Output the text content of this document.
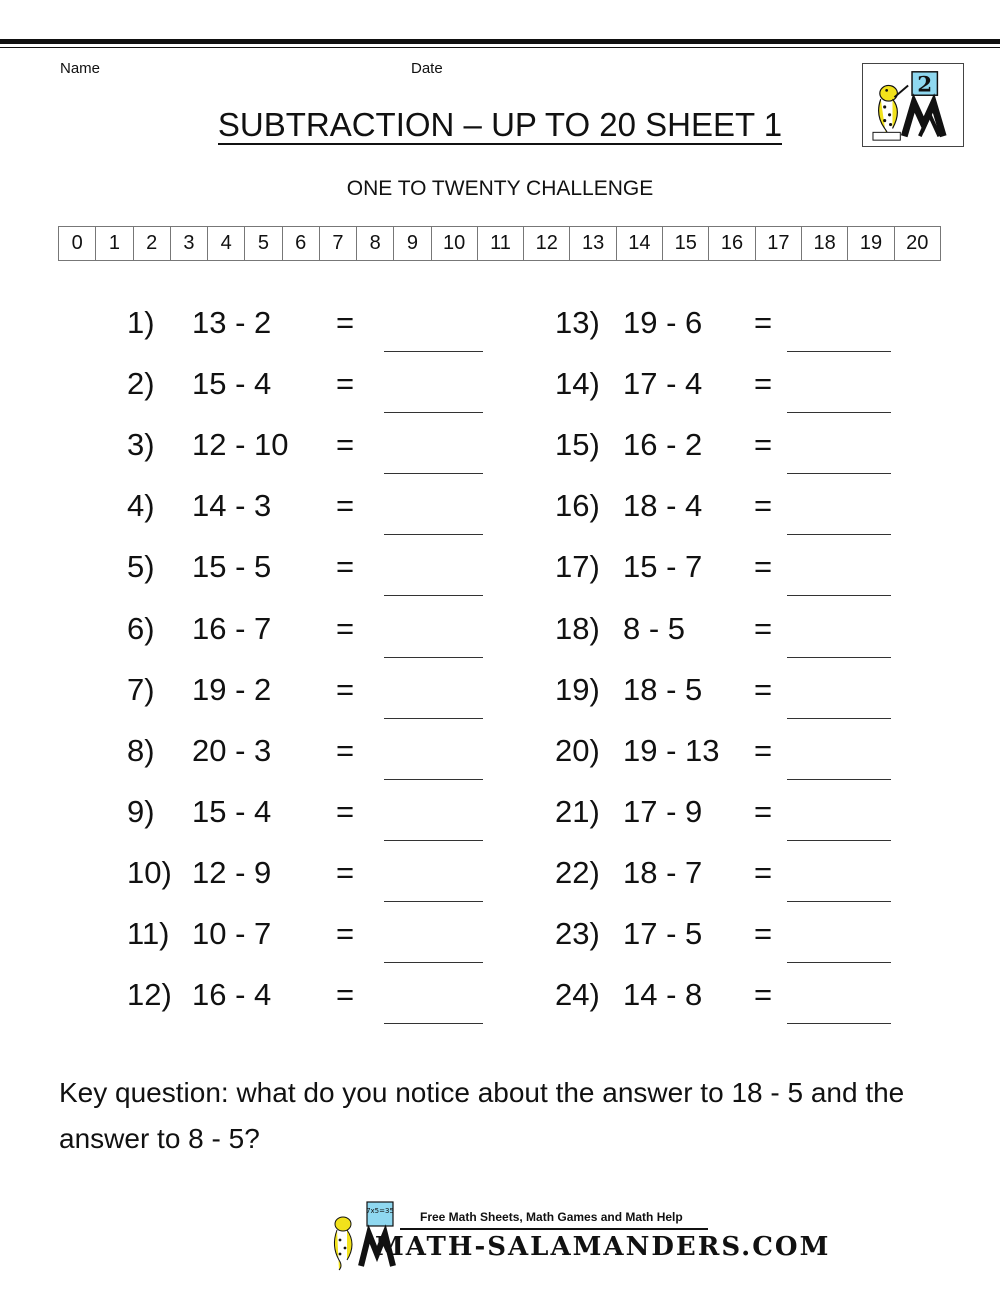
Name	Date
2
SUBTRACTION – UP TO 20 SHEET 1
ONE TO TWENTY CHALLENGE
0	1	2	3	4	5	6	7	8	9	10	11	12	13	14	15	16	17	18	19	20
1) 13 - 2 =
2) 15 - 4 =
3) 12 - 10 =
4) 14 - 3 =
5) 15 - 5 =
6) 16 - 7 =
7) 19 - 2 =
8) 20 - 3 =
9) 15 - 4 =
10) 12 - 9 =
11) 10 - 7 =
12) 16 - 4 =
13) 19 - 6 =
14) 17 - 4 =
15) 16 - 2 =
16) 18 - 4 =
17) 15 - 7 =
18) 8 - 5 =
19) 18 - 5 =
20) 19 - 13 =
21) 17 - 9 =
22) 18 - 7 =
23) 17 - 5 =
24) 14 - 8 =
Key question: what do you notice about the answer to 18 - 5 and the answer to 8 - 5?
7x5=35 Free Math Sheets, Math Games and Math Help
MATH-SALAMANDERS.COM
